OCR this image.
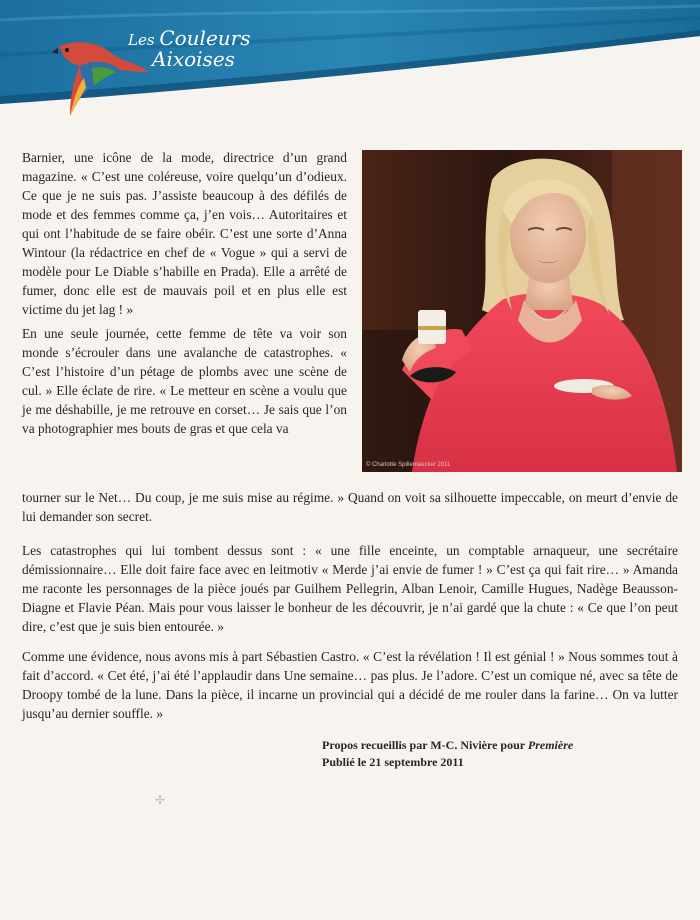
Les Couleurs
Aixoises
© Charlotte Spillemaecker 2011

Barnier, une icône de la mode, directrice d’un grand magazine. « C’est une coléreuse, voire quelqu’un d’odieux. Ce que je ne suis pas. J’assiste beaucoup à des défilés de mode et des femmes comme ça, j’en vois… Autoritaires et qui ont l’habitude de se faire obéir. C’est une sorte d’Anna Wintour (la rédactrice en chef de « Vogue » qui a servi de modèle pour Le Diable s’habille en Prada). Elle a arrêté de fumer, donc elle est de mauvais poil et en plus elle est victime du jet lag ! »

En une seule journée, cette femme de tête va voir son monde s’écrouler dans une avalanche de catastrophes. « C’est l’histoire d’un pétage de plombs avec une scène de cul. » Elle éclate de rire. « Le metteur en scène a voulu que je me déshabille, je me retrouve en corset… Je sais que l’on va photographier mes bouts de gras et que cela va

tourner sur le Net… Du coup, je me suis mise au régime. » Quand on voit sa silhouette impeccable, on meurt d’envie de lui demander son secret.

Les catastrophes qui lui tombent dessus sont : « une fille enceinte, un comptable arnaqueur, une secrétaire démissionnaire… Elle doit faire face avec en leitmotiv « Merde j’ai envie de fumer ! » C’est ça qui fait rire… » Amanda me raconte les personnages de la pièce joués par Guilhem Pellegrin, Alban Lenoir, Camille Hugues, Nadège Beausson-Diagne et Flavie Péan. Mais pour vous laisser le bonheur de les découvrir, je n’ai gardé que la chute : « Ce que l’on peut dire, c’est que je suis bien entourée. »

Comme une évidence, nous avons mis à part Sébastien Castro. « C’est la révélation ! Il est génial ! » Nous sommes tout à fait d’accord. « Cet été, j’ai été l’applaudir dans Une semaine… pas plus. Je l’adore. C’est un comique né, avec sa tête de Droopy tombé de la lune. Dans la pièce, il incarne un provincial qui a décidé de me rouler dans la farine… On va lutter jusqu’au dernier souffle. »

Propos recueillis par M-C. Nivière pour Première
Publié le 21 septembre 2011
✢
